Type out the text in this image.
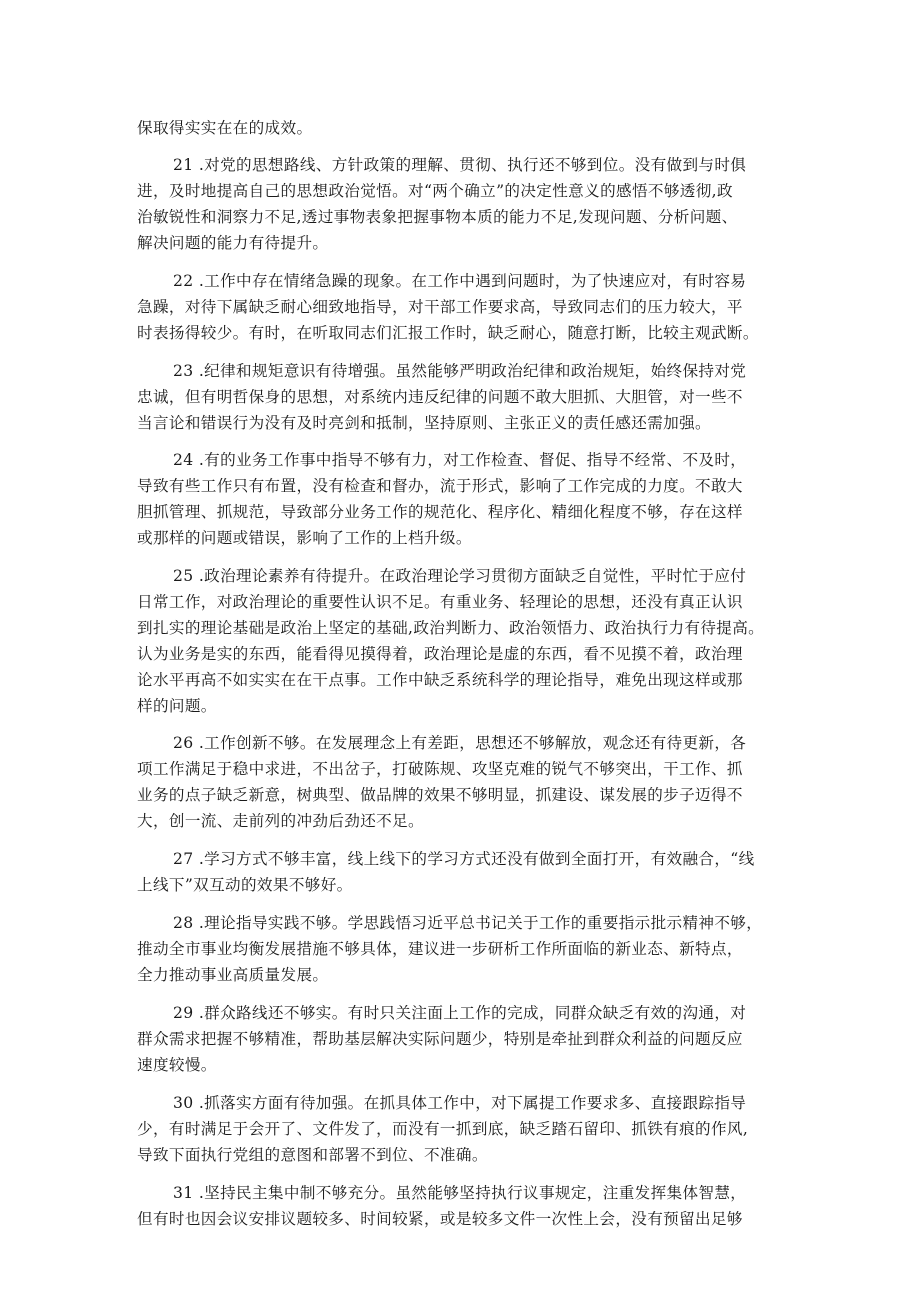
保取得实实在在的成效。
21 .对党的思想路线、方针政策的理解、贯彻、执行还不够到位。没有做到与时俱
进，及时地提高自己的思想政治觉悟。对“两个确立”的决定性意义的感悟不够透彻,政
治敏锐性和洞察力不足,透过事物表象把握事物本质的能力不足,发现问题、分析问题、
解决问题的能力有待提升。
22 .工作中存在情绪急躁的现象。在工作中遇到问题时，为了快速应对，有时容易
急躁，对待下属缺乏耐心细致地指导，对干部工作要求高，导致同志们的压力较大，平
时表扬得较少。有时，在听取同志们汇报工作时，缺乏耐心，随意打断，比较主观武断。
23 .纪律和规矩意识有待增强。虽然能够严明政治纪律和政治规矩，始终保持对党
忠诚，但有明哲保身的思想，对系统内违反纪律的问题不敢大胆抓、大胆管，对一些不
当言论和错误行为没有及时亮剑和抵制，坚持原则、主张正义的责任感还需加强。
24 .有的业务工作事中指导不够有力，对工作检查、督促、指导不经常、不及时，
导致有些工作只有布置，没有检查和督办，流于形式，影响了工作完成的力度。不敢大
胆抓管理、抓规范，导致部分业务工作的规范化、程序化、精细化程度不够，存在这样
或那样的问题或错误，影响了工作的上档升级。
25 .政治理论素养有待提升。在政治理论学习贯彻方面缺乏自觉性，平时忙于应付
日常工作，对政治理论的重要性认识不足。有重业务、轻理论的思想，还没有真正认识
到扎实的理论基础是政治上坚定的基础,政治判断力、政治领悟力、政治执行力有待提高。
认为业务是实的东西，能看得见摸得着，政治理论是虚的东西，看不见摸不着，政治理
论水平再高不如实实在在干点事。工作中缺乏系统科学的理论指导，难免出现这样或那
样的问题。
26 .工作创新不够。在发展理念上有差距，思想还不够解放，观念还有待更新，各
项工作满足于稳中求进，不出岔子，打破陈规、攻坚克难的锐气不够突出，干工作、抓
业务的点子缺乏新意，树典型、做品牌的效果不够明显，抓建设、谋发展的步子迈得不
大，创一流、走前列的冲劲后劲还不足。
27 .学习方式不够丰富，线上线下的学习方式还没有做到全面打开，有效融合，“线
上线下”双互动的效果不够好。
28 .理论指导实践不够。学思践悟习近平总书记关于工作的重要指示批示精神不够，
推动全市事业均衡发展措施不够具体，建议进一步研析工作所面临的新业态、新特点，
全力推动事业高质量发展。
29 .群众路线还不够实。有时只关注面上工作的完成，同群众缺乏有效的沟通，对
群众需求把握不够精准，帮助基层解决实际问题少，特别是牵扯到群众利益的问题反应
速度较慢。
30 .抓落实方面有待加强。在抓具体工作中，对下属提工作要求多、直接跟踪指导
少，有时满足于会开了、文件发了，而没有一抓到底，缺乏踏石留印、抓铁有痕的作风,
导致下面执行党组的意图和部署不到位、不准确。
31 .坚持民主集中制不够充分。虽然能够坚持执行议事规定，注重发挥集体智慧，
但有时也因会议安排议题较多、时间较紧，或是较多文件一次性上会，没有预留出足够
